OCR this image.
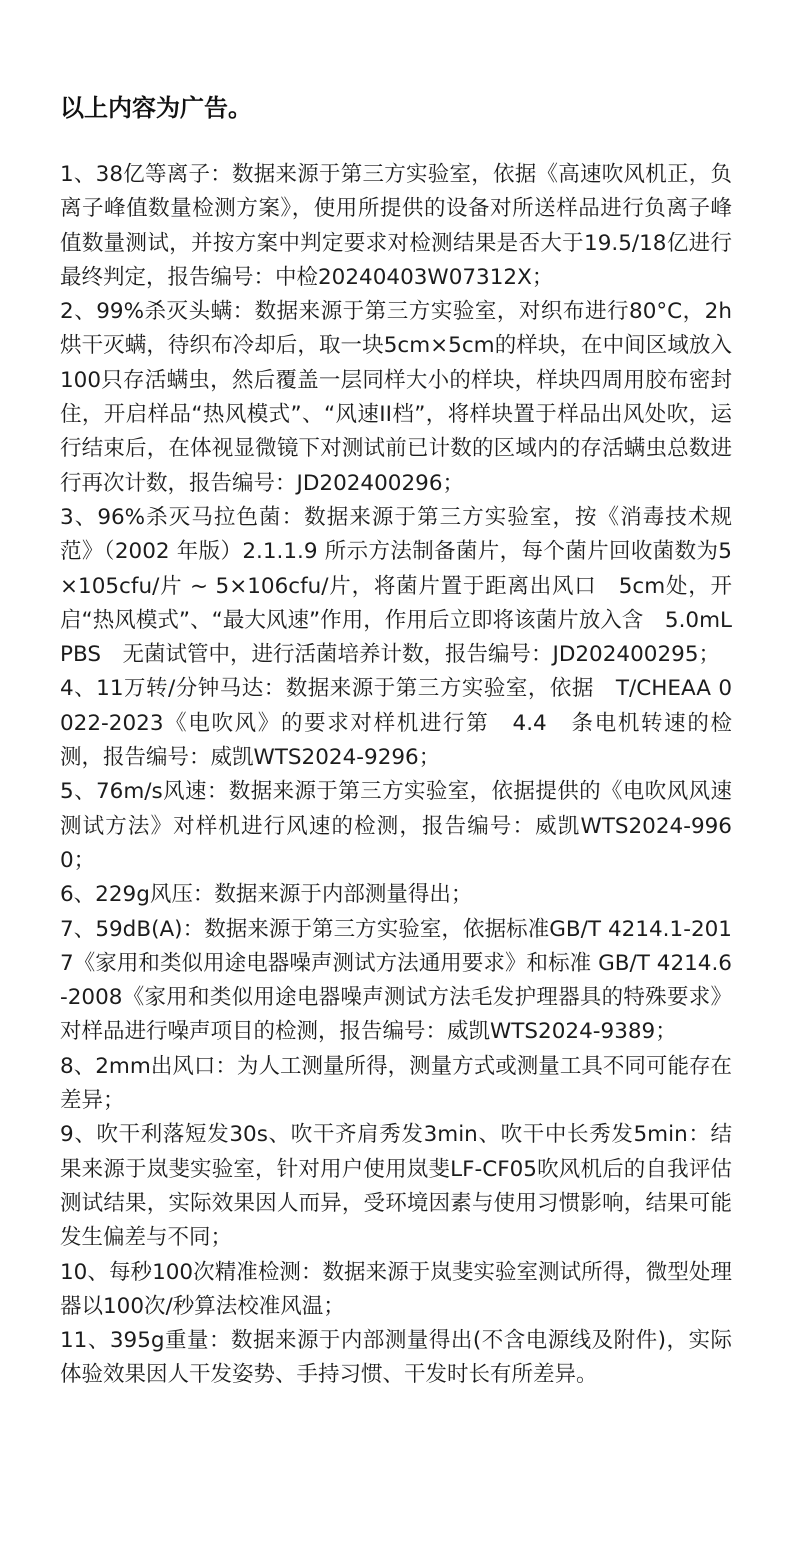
以上内容为广告。

1、38亿等离子：数据来源于第三方实验室，依据《高速吹风机正，负离子峰值数量检测方案》，使用所提供的设备对所送样品进行负离子峰值数量测试，并按方案中判定要求对检测结果是否大于19.5/18亿进行最终判定，报告编号：中检20240403W07312X；

2、99%杀灭头螨：数据来源于第三方实验室，对织布进行80°C，2h烘干灭螨，待织布冷却后，取一块5cm×5cm的样块，在中间区域放入100只存活螨虫，然后覆盖一层同样大小的样块，样块四周用胶布密封住，开启样品“热风模式”、“风速II档”，将样块置于样品出风处吹，运行结束后，在体视显微镜下对测试前已计数的区域内的存活螨虫总数进行再次计数，报告编号：JD202400296；

3、96%杀灭马拉色菌：数据来源于第三方实验室，按《消毒技术规范》（2002 年版）2.1.1.9 所示方法制备菌片，每个菌片回收菌数为5×105cfu/片 ~ 5×106cfu/片，将菌片置于距离出风口　5cm处，开启“热风模式”、“最大风速”作用，作用后立即将该菌片放入含　5.0mL　PBS　无菌试管中，进行活菌培养计数，报告编号：JD202400295；

4、11万转/分钟马达：数据来源于第三方实验室，依据　T/CHEAA 0022-2023《电吹风》的要求对样机进行第　4.4　条电机转速的检测，报告编号：威凯WTS2024-9296；

5、76m/s风速：数据来源于第三方实验室，依据提供的《电吹风风速测试方法》对样机进行风速的检测，报告编号：威凯WTS2024-9960；

6、229g风压：数据来源于内部测量得出；

7、59dB(A)：数据来源于第三方实验室，依据标准GB/T 4214.1-2017《家用和类似用途电器噪声测试方法通用要求》和标准 GB/T 4214.6-2008《家用和类似用途电器噪声测试方法毛发护理器具的特殊要求》对样品进行噪声项目的检测，报告编号：威凯WTS2024-9389；

8、2mm出风口：为人工测量所得，测量方式或测量工具不同可能存在差异；

9、吹干利落短发30s、吹干齐肩秀发3min、吹干中长秀发5min：结果来源于岚斐实验室，针对用户使用岚斐LF-CF05吹风机后的自我评估测试结果，实际效果因人而异，受环境因素与使用习惯影响，结果可能发生偏差与不同；

10、每秒100次精准检测：数据来源于岚斐实验室测试所得，微型处理器以100次/秒算法校准风温；

11、395g重量：数据来源于内部测量得出(不含电源线及附件)，实际体验效果因人干发姿势、手持习惯、干发时长有所差异。
